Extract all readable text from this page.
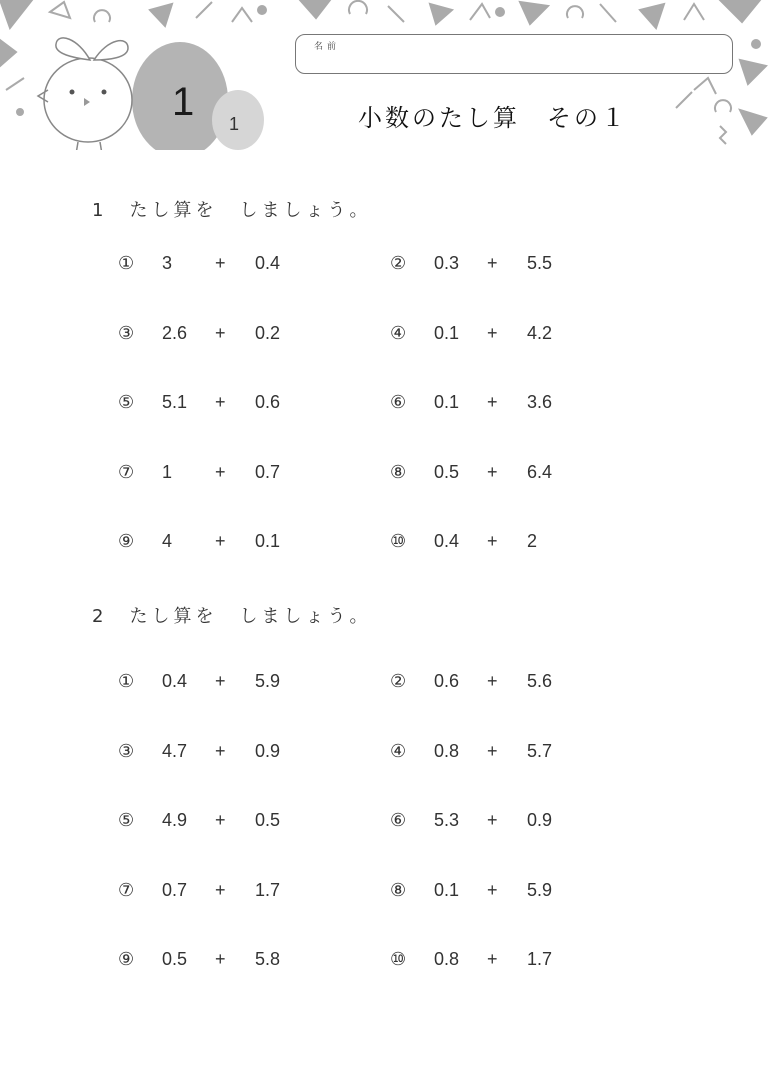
名前
1 1	小数のたし算　その１
1　たし算を　しましょう。
2　たし算を　しましょう。
① 3 + 0.4	② 0.3 + 5.5
③ 2.6 + 0.2	④ 0.1 + 4.2
⑤ 5.1 + 0.6	⑥ 0.1 + 3.6
⑦ 1 + 0.7	⑧ 0.5 + 6.4
⑨ 4 + 0.1	⑩ 0.4 + 2
① 0.4 + 5.9	② 0.6 + 5.6
③ 4.7 + 0.9	④ 0.8 + 5.7
⑤ 4.9 + 0.5	⑥ 5.3 + 0.9
⑦ 0.7 + 1.7	⑧ 0.1 + 5.9
⑨ 0.5 + 5.8	⑩ 0.8 + 1.7
